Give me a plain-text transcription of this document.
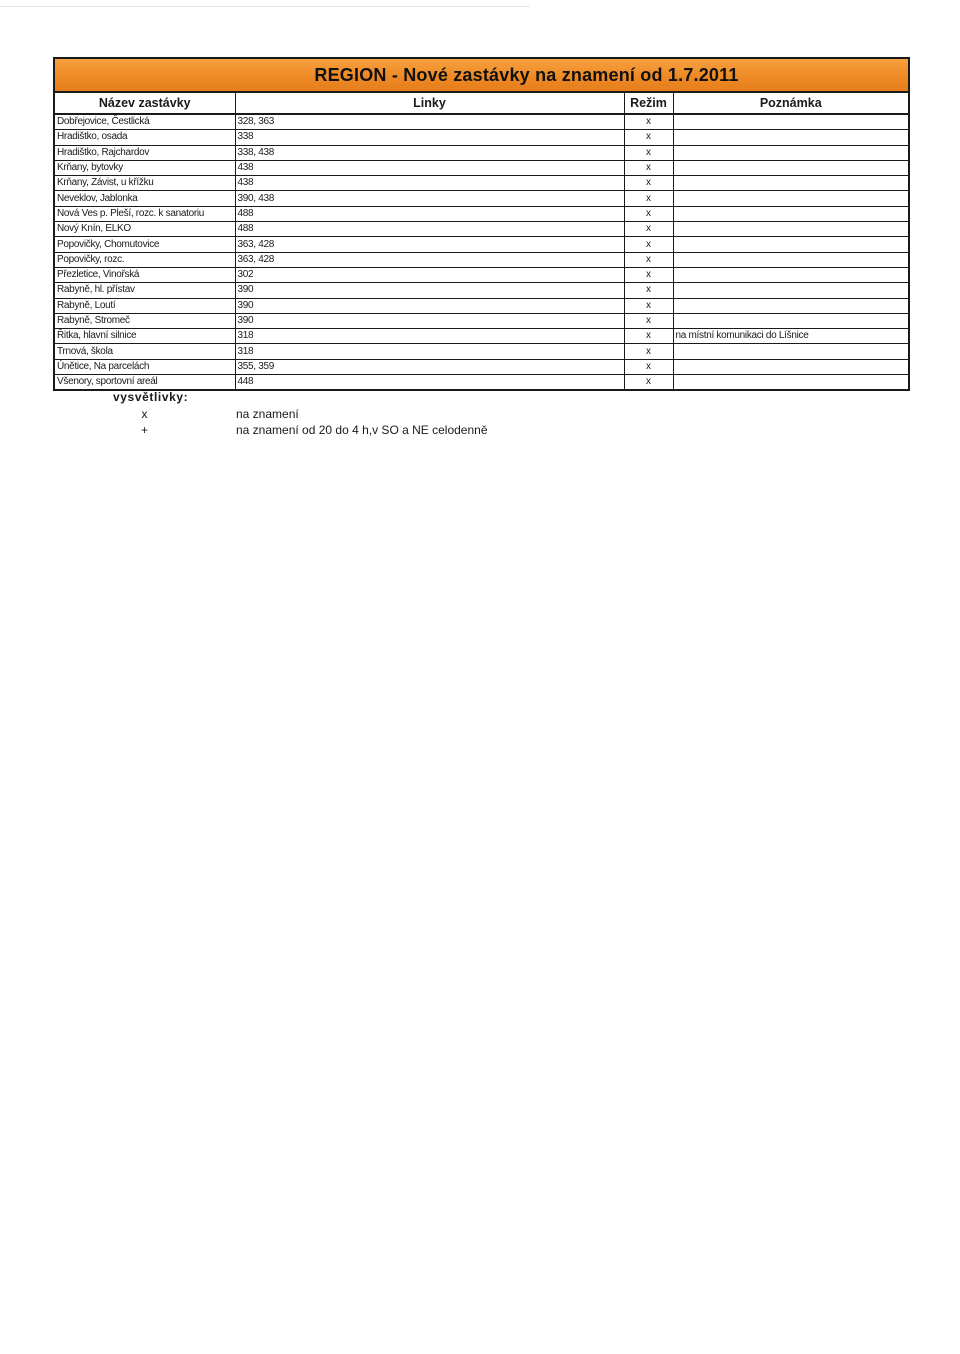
REGION - Nové zastávky na znamení od 1.7.2011
Název zastávky	Linky	Režim	Poznámka
Dobřejovice, Čestlická	328, 363	x	
Hradištko, osada	338	x	
Hradištko, Rajchardov	338, 438	x	
Krňany, bytovky	438	x	
Krňany, Závist, u křížku	438	x	
Neveklov, Jablonka	390, 438	x	
Nová Ves p. Pleší, rozc. k sanatoriu	488	x	
Nový Knín, ELKO	488	x	
Popovičky, Chomutovice	363, 428	x	
Popovičky, rozc.	363, 428	x	
Přezletice, Vinořská	302	x	
Rabyně, hl. přístav	390	x	
Rabyně, Loutí	390	x	
Rabyně, Stromeč	390	x	
Řitka, hlavní silnice	318	x	na místní komunikaci do Líšnice
Trnová, škola	318	x	
Únětice, Na parcelách	355, 359	x	
Všenory, sportovní areál	448	x	
vysvětlivky:
x	na znamení
+	na znamení od 20 do 4 h,v SO a NE celodenně
